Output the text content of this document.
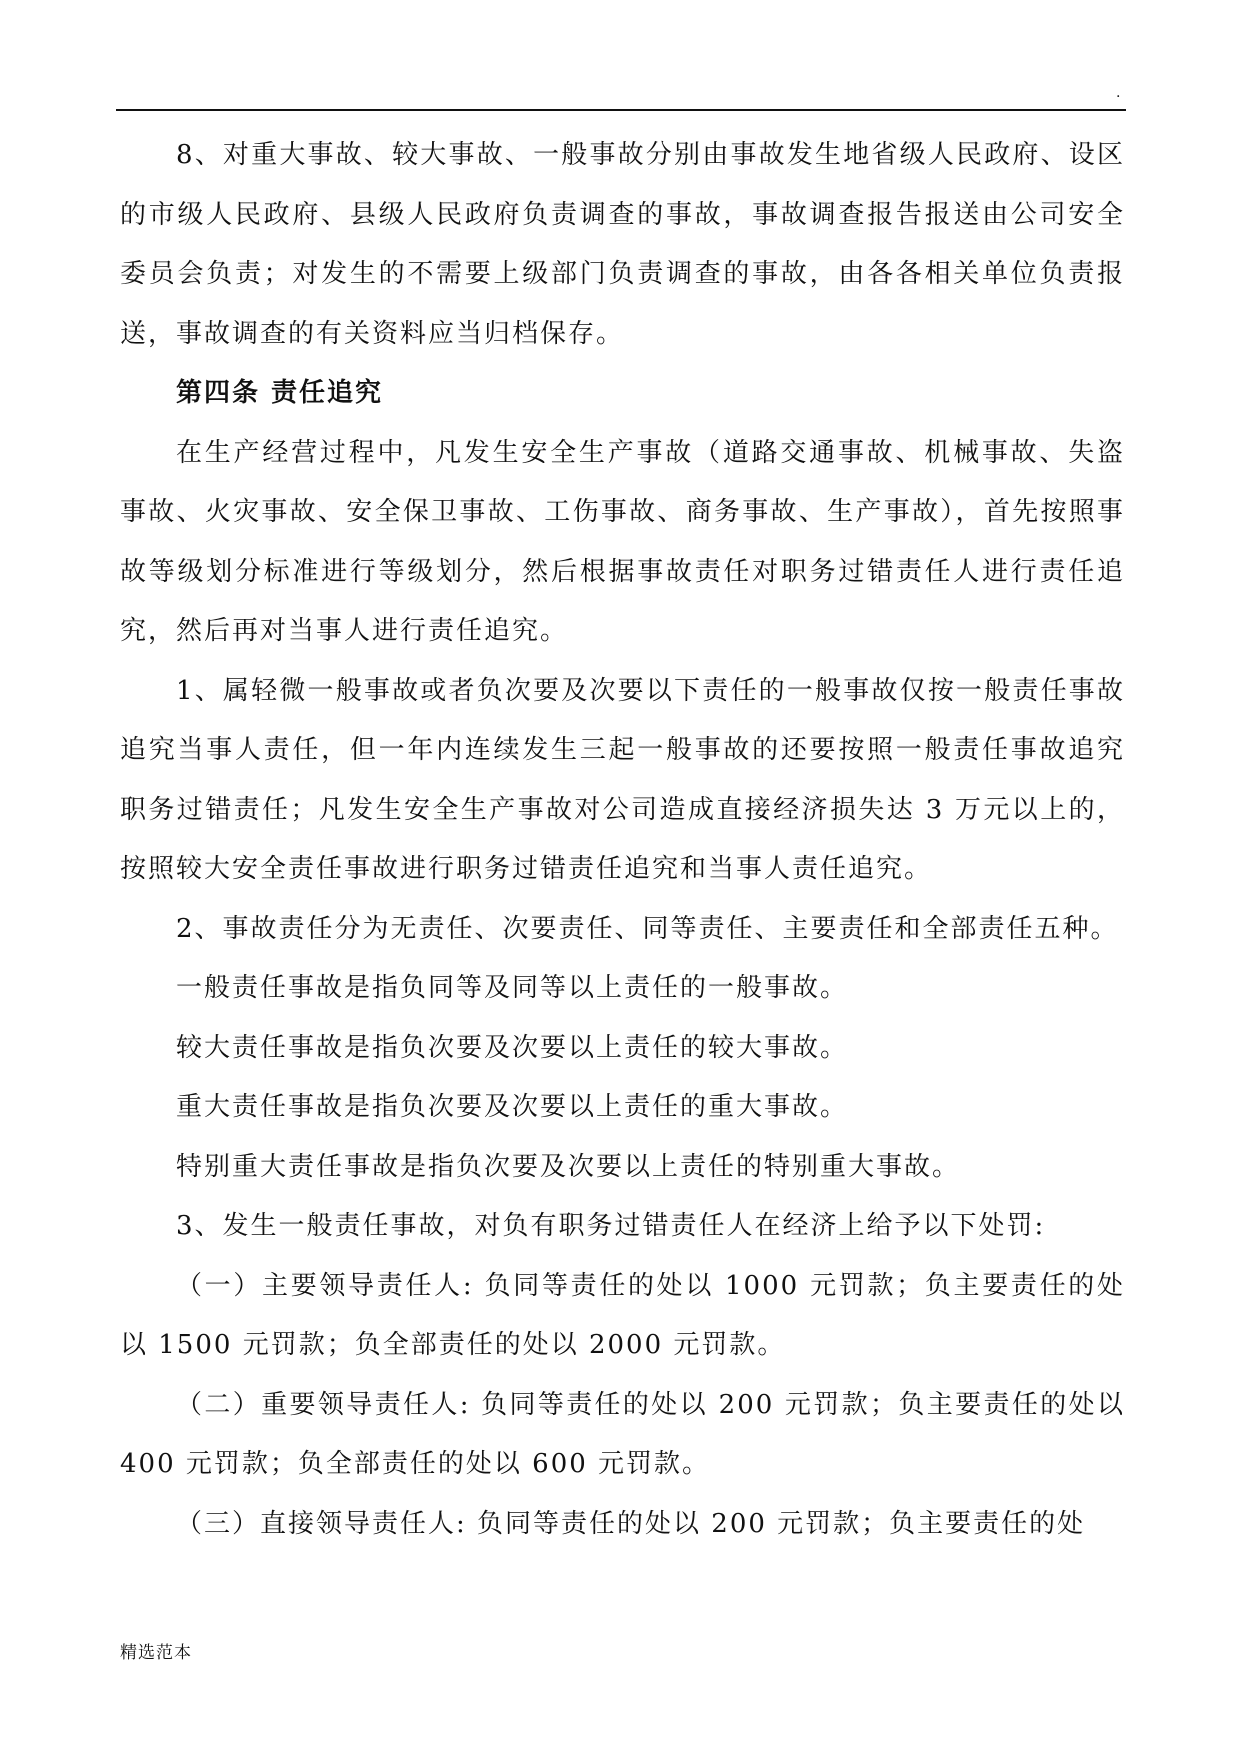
.

8、对重大事故、较大事故、一般事故分别由事故发生地省级人民政府、设区的市级人民政府、县级人民政府负责调查的事故，事故调查报告报送由公司安全委员会负责；对发生的不需要上级部门负责调查的事故，由各各相关单位负责报送，事故调查的有关资料应当归档保存。

第四条 责任追究

在生产经营过程中，凡发生安全生产事故（道路交通事故、机械事故、失盗事故、火灾事故、安全保卫事故、工伤事故、商务事故、生产事故），首先按照事故等级划分标准进行等级划分，然后根据事故责任对职务过错责任人进行责任追究，然后再对当事人进行责任追究。

1、属轻微一般事故或者负次要及次要以下责任的一般事故仅按一般责任事故追究当事人责任，但一年内连续发生三起一般事故的还要按照一般责任事故追究职务过错责任；凡发生安全生产事故对公司造成直接经济损失达 3 万元以上的，按照较大安全责任事故进行职务过错责任追究和当事人责任追究。

2、事故责任分为无责任、次要责任、同等责任、主要责任和全部责任五种。

一般责任事故是指负同等及同等以上责任的一般事故。

较大责任事故是指负次要及次要以上责任的较大事故。

重大责任事故是指负次要及次要以上责任的重大事故。

特别重大责任事故是指负次要及次要以上责任的特别重大事故。

3、发生一般责任事故，对负有职务过错责任人在经济上给予以下处罚:

（一）主要领导责任人: 负同等责任的处以 1000 元罚款；负主要责任的处以 1500 元罚款；负全部责任的处以 2000 元罚款。

（二）重要领导责任人: 负同等责任的处以 200 元罚款；负主要责任的处以 400 元罚款；负全部责任的处以 600 元罚款。

（三）直接领导责任人: 负同等责任的处以 200 元罚款；负主要责任的处

精选范本
